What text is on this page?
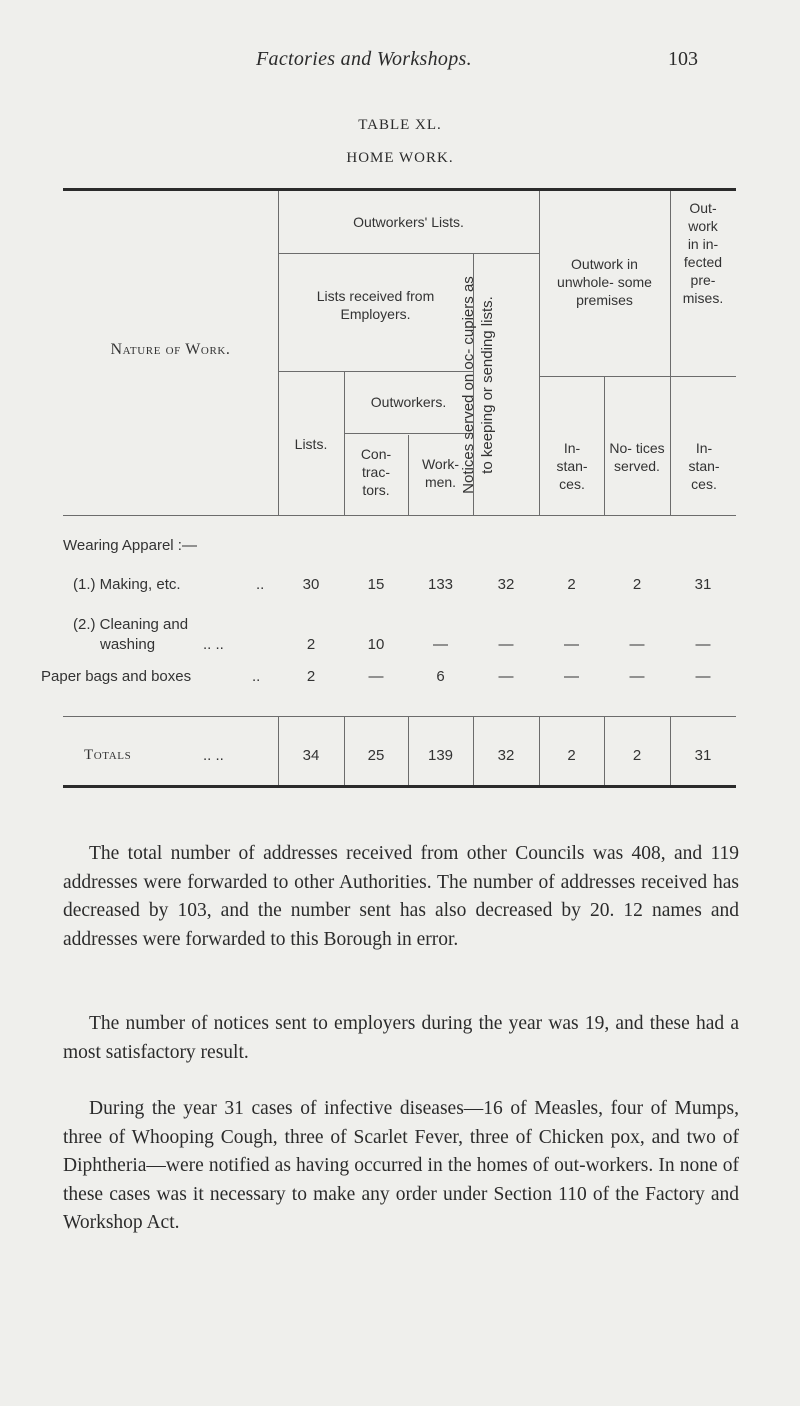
Factories and Workshops.	103
TABLE XL.
HOME WORK.
Nature of Work.
Outworkers' Lists.
Lists received from Employers.
Lists.
Outworkers.
Con- trac- tors.
Work- men. Notices served on oc- cupiers as to keeping or sending lists.
Outwork in unwhole- some premises
In- stan- ces.
No- tices served.
Out- work in in- fected pre- mises.
In- stan- ces.
Wearing Apparel :—
(1.) Making, etc.	..	30	15	133	32	2	2	31
(2.) Cleaning and
washing	.. ..	2	10	—	—	—	—	—
Paper bags and boxes	..	2	—	6	—	—	—	—
Totals	.. ..	34	25	139	32	2	2	31

The total number of addresses received from other Councils was 408, and 119 addresses were forwarded to other Authorities. The number of addresses received has decreased by 103, and the number sent has also decreased by 20. 12 names and addresses were forwarded to this Borough in error.

The number of notices sent to employers during the year was 19, and these had a most satisfactory result.

During the year 31 cases of infective diseases—16 of Measles, four of Mumps, three of Whooping Cough, three of Scarlet Fever, three of Chicken pox, and two of Diphtheria—were notified as having occurred in the homes of out-workers. In none of these cases was it necessary to make any order under Section 110 of the Factory and Workshop Act.
